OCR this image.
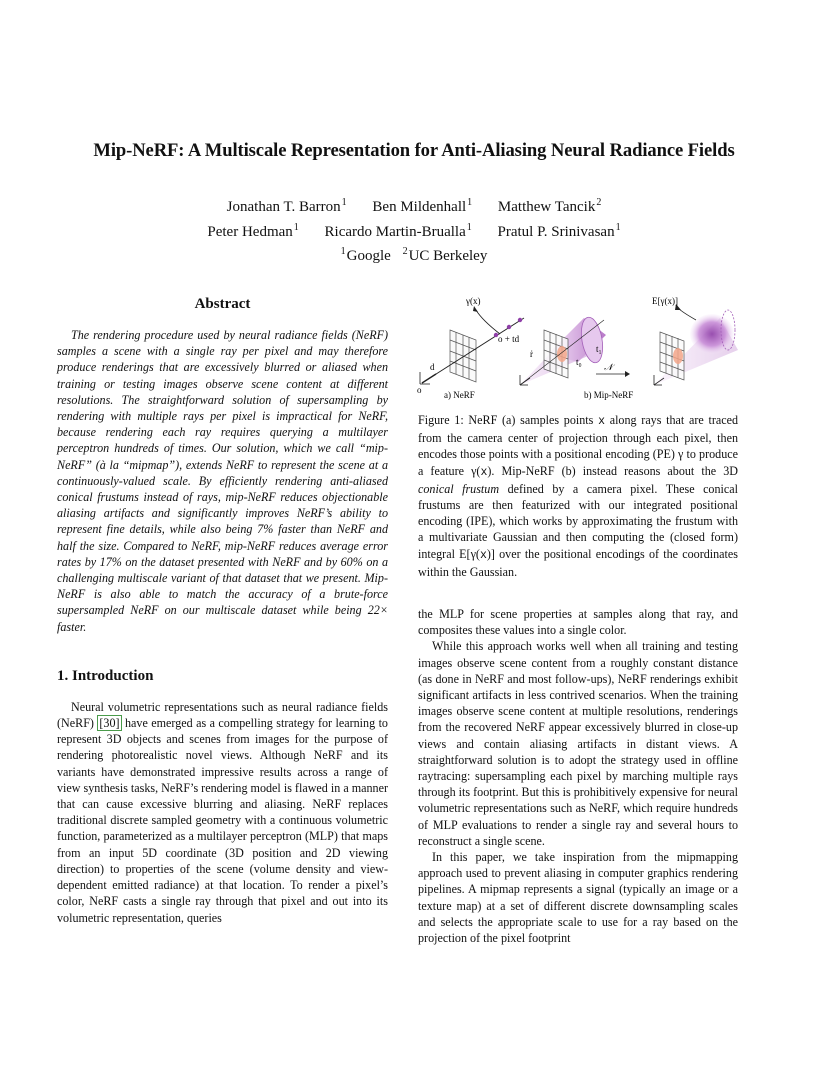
Mip-NeRF: A Multiscale Representation for Anti-Aliasing Neural Radiance Fields
Jonathan T. Barron$^1$ Ben Mildenhall$^1$ Matthew Tancik$^2$
Peter Hedman$^1$ Ricardo Martin-Brualla$^1$ Pratul P. Srinivasan$^1$
$^1$Google $^2$UC Berkeley
Abstract

The rendering procedure used by neural radiance fields (NeRF) samples a scene with a single ray per pixel and may therefore produce renderings that are excessively blurred or aliased when training or testing images observe scene content at different resolutions. The straightforward solution of supersampling by rendering with multiple rays per pixel is impractical for NeRF, because rendering each ray requires querying a multilayer perceptron hundreds of times. Our solution, which we call “mip-NeRF” (à la “mipmap”), extends NeRF to represent the scene at a continuously-valued scale. By efficiently rendering anti-aliased conical frustums instead of rays, mip-NeRF reduces objectionable aliasing artifacts and significantly improves NeRF’s ability to represent fine details, while also being 7% faster than NeRF and half the size. Compared to NeRF, mip-NeRF reduces average error rates by 17% on the dataset presented with NeRF and by 60% on a challenging multiscale variant of that dataset that we present. Mip-NeRF is also able to match the accuracy of a brute-force supersampled NeRF on our multiscale dataset while being 22× faster.

1. Introduction

Neural volumetric representations such as neural radiance fields (NeRF) [30] have emerged as a compelling strategy for learning to represent 3D objects and scenes from images for the purpose of rendering photorealistic novel views. Although NeRF and its variants have demonstrated impressive results across a range of view synthesis tasks, NeRF’s rendering model is flawed in a manner that can cause excessive blurring and aliasing. NeRF replaces traditional discrete sampled geometry with a continuous volumetric function, parameterized as a multilayer perceptron (MLP) that maps from an input 5D coordinate (3D position and 2D viewing direction) to properties of the scene (volume density and view-dependent emitted radiance) at that location. To render a pixel’s color, NeRF casts a single ray through that pixel and out into its volumetric representation, queries

γ(x)
o + td
d
o	a) NeRF
ṙ
t₀
t₁
𝒩
b) Mip-NeRF
E[γ(x)]
Figure 1: NeRF (a) samples points x along rays that are traced from the camera center of projection through each pixel, then encodes those points with a positional encoding (PE) γ to produce a feature γ(x). Mip-NeRF (b) instead reasons about the 3D conical frustum defined by a camera pixel. These conical frustums are then featurized with our integrated positional encoding (IPE), which works by approximating the frustum with a multivariate Gaussian and then computing the (closed form) integral E[γ(x)] over the positional encodings of the coordinates within the Gaussian.

the MLP for scene properties at samples along that ray, and composites these values into a single color.

While this approach works well when all training and testing images observe scene content from a roughly constant distance (as done in NeRF and most follow-ups), NeRF renderings exhibit significant artifacts in less contrived scenarios. When the training images observe scene content at multiple resolutions, renderings from the recovered NeRF appear excessively blurred in close-up views and contain aliasing artifacts in distant views. A straightforward solution is to adopt the strategy used in offline raytracing: supersampling each pixel by marching multiple rays through its footprint. But this is prohibitively expensive for neural volumetric representations such as NeRF, which require hundreds of MLP evaluations to render a single ray and several hours to reconstruct a single scene.

In this paper, we take inspiration from the mipmapping approach used to prevent aliasing in computer graphics rendering pipelines. A mipmap represents a signal (typically an image or a texture map) at a set of different discrete downsampling scales and selects the appropriate scale to use for a ray based on the projection of the pixel footprint
